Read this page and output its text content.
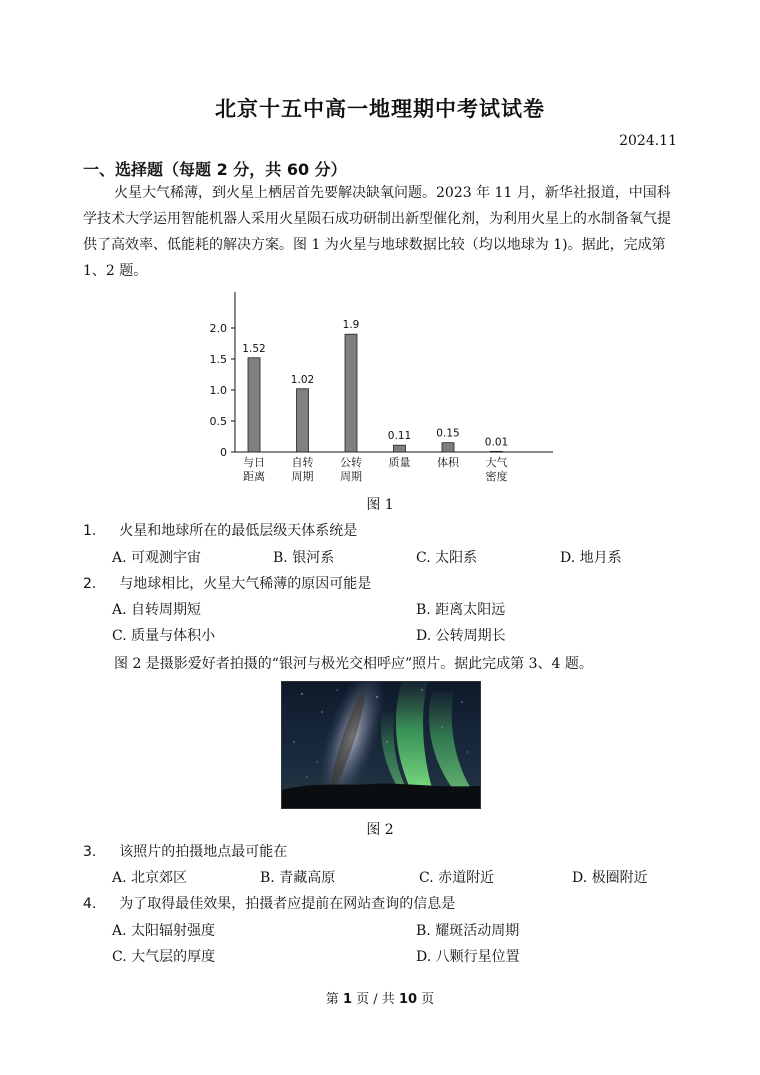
北京十五中高一地理期中考试试卷
2024.11
一、选择题（每题 2 分，共 60 分）
火星大气稀薄，到火星上栖居首先要解决缺氧问题。2023 年 11 月，新华社报道，中国科学技术大学运用智能机器人采用火星陨石成功研制出新型催化剂，为利用火星上的水制备氧气提供了高效率、低能耗的解决方案。图 1 为火星与地球数据比较（均以地球为 1)。据此，完成第 1、2 题。
0
0.5
1.0
1.5
2.0
1.52
1.02
1.9
0.11 0.15
0.01
与日
距离
自转
周期
公转
周期
质量 体积 大气
密度
图 1
1. 火星和地球所在的最低层级天体系统是
A. 可观测宇宙	B. 银河系	C. 太阳系	D. 地月系
2. 与地球相比，火星大气稀薄的原因可能是
A. 自转周期短	B. 距离太阳远
C. 质量与体积小	D. 公转周期长
图 2 是摄影爱好者拍摄的“银河与极光交相呼应”照片。据此完成第 3、4 题。
图 2
3. 该照片的拍摄地点最可能在
A. 北京郊区	B. 青藏高原	C. 赤道附近	D. 极圈附近
4. 为了取得最佳效果，拍摄者应提前在网站查询的信息是
A. 太阳辐射强度	B. 耀斑活动周期
C. 大气层的厚度	D. 八颗行星位置
第 1 页 / 共 10 页
